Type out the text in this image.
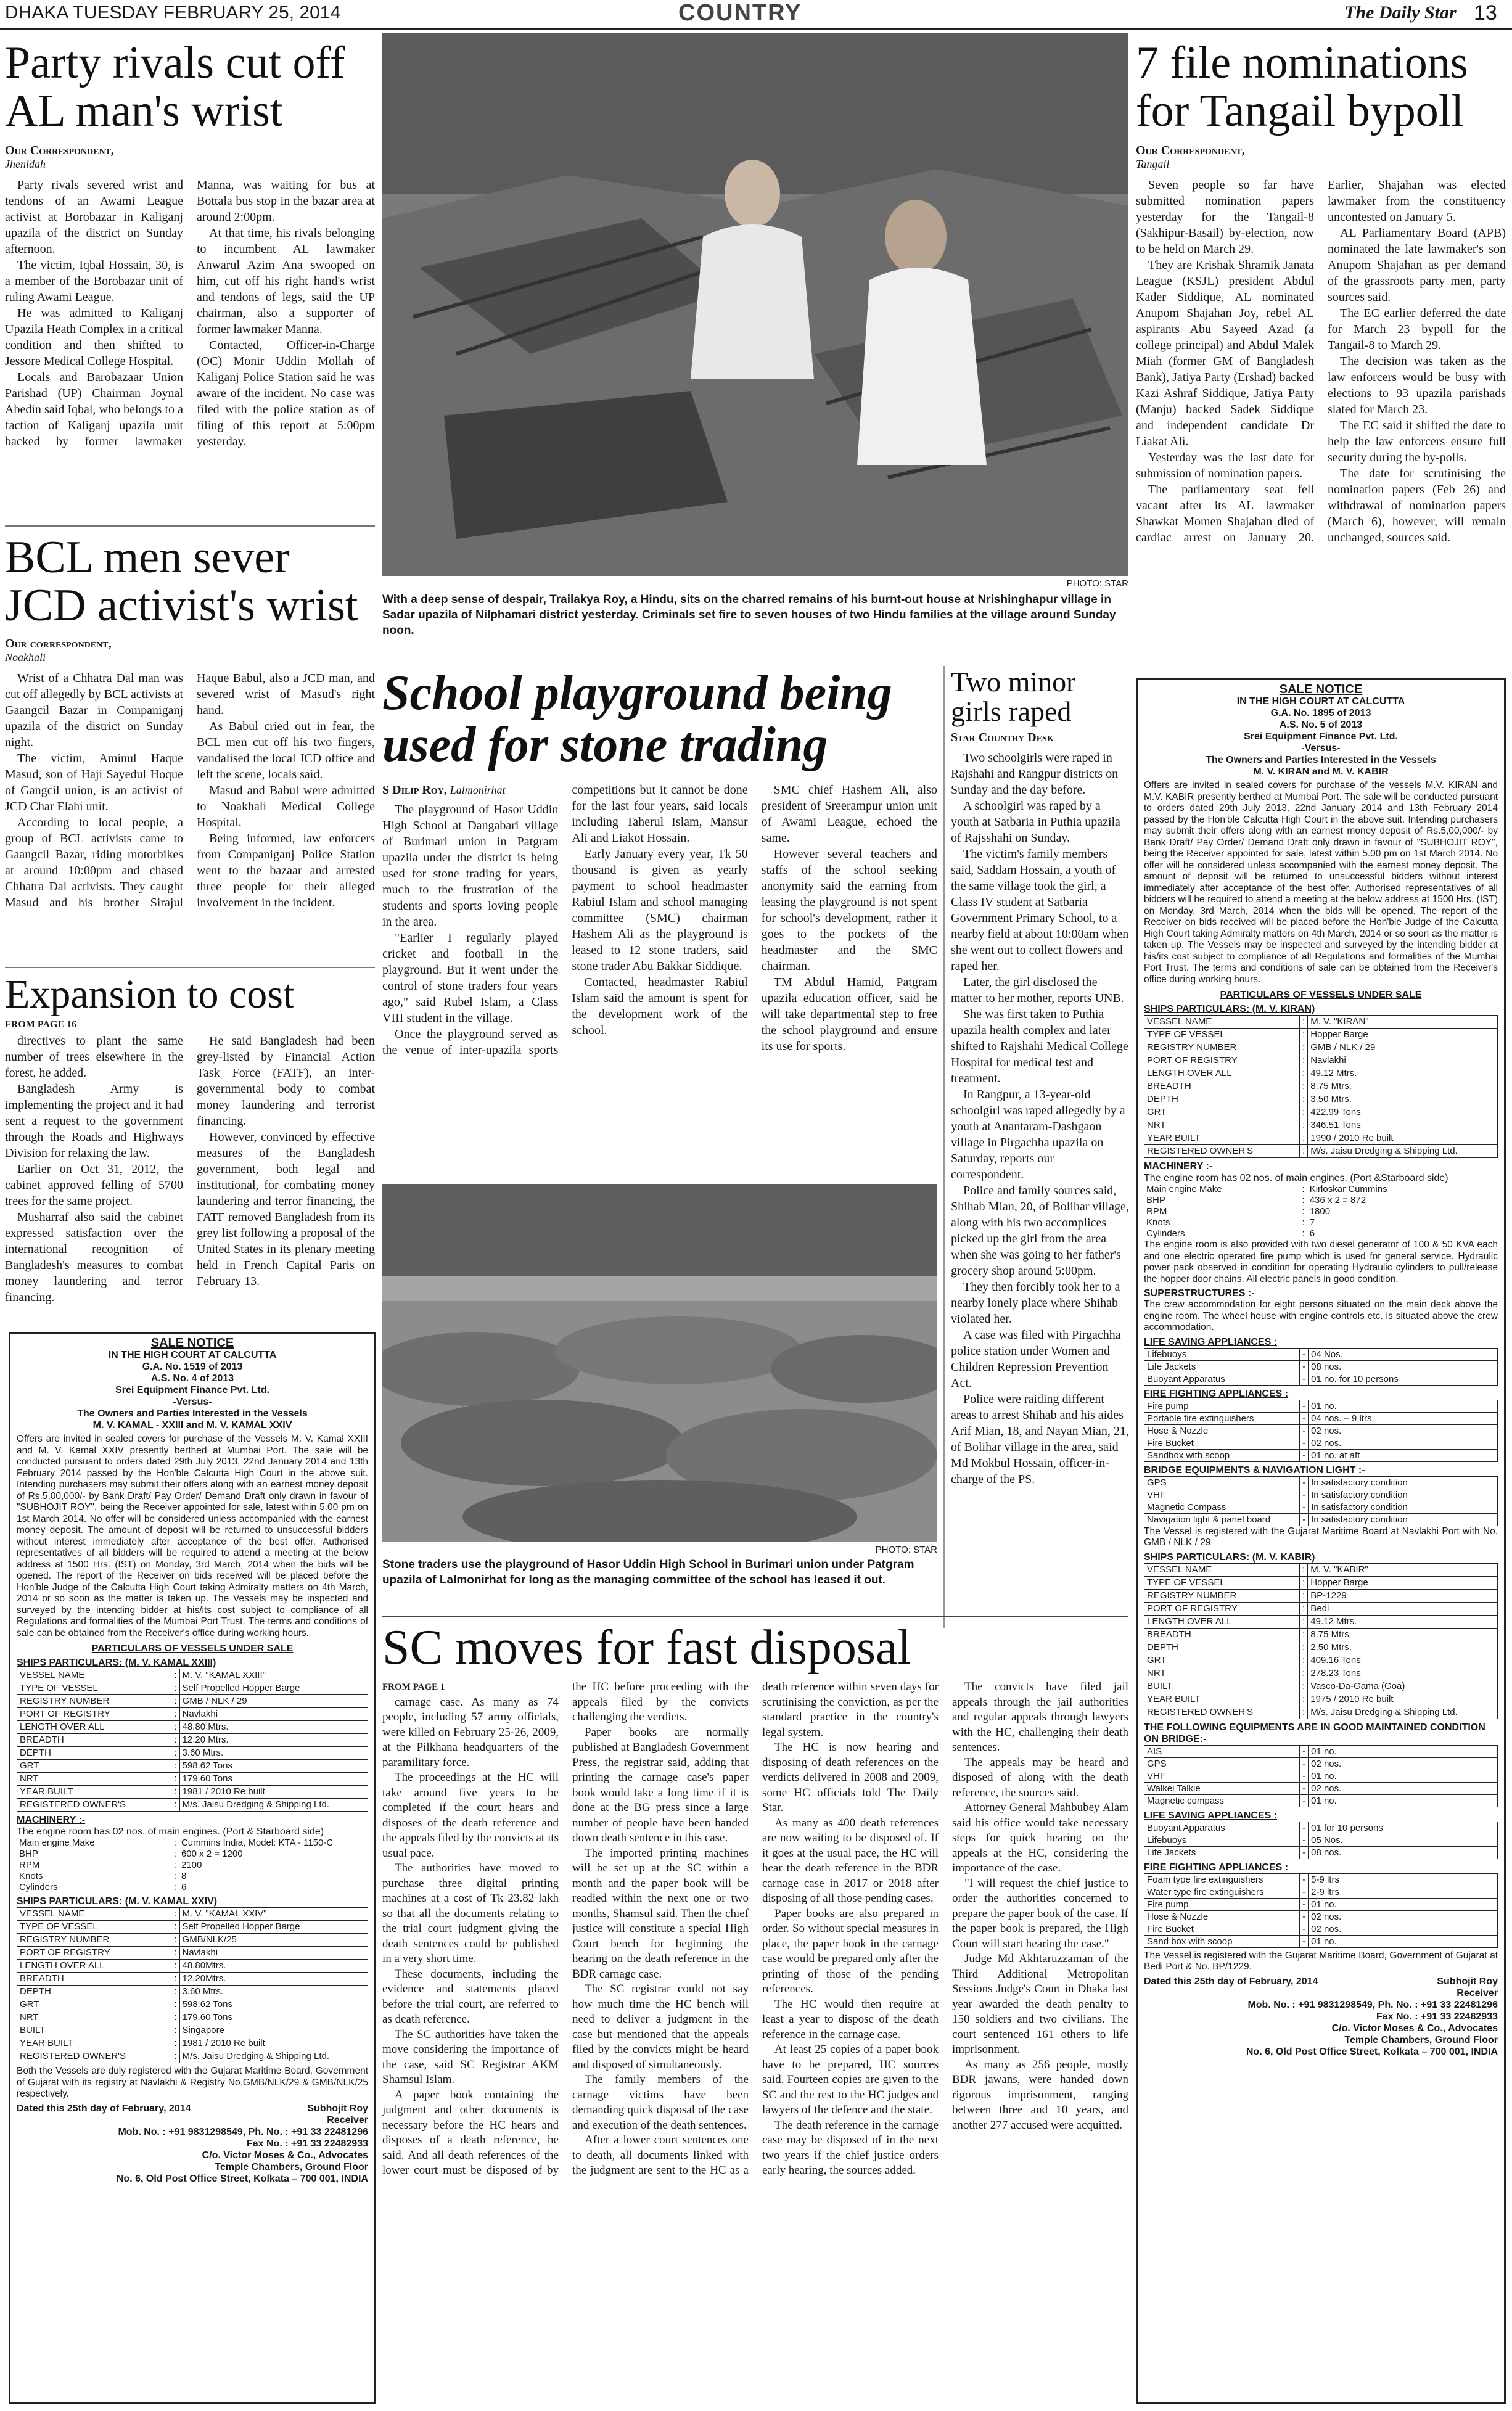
DHAKA TUESDAY FEBRUARY 25, 2014	COUNTRY	The Daily Star 13
Party rivals cut off AL man's wrist
Our Correspondent,
Jhenidah

Party rivals severed wrist and tendons of an Awami League activist at Borobazar in Kaliganj upazila of the district on Sunday afternoon.

The victim, Iqbal Hossain, 30, is a member of the Borobazar unit of ruling Awami League.

He was admitted to Kaliganj Upazila Heath Complex in a critical condition and then shifted to Jessore Medical College Hospital.

Locals and Barobazaar Union Parishad (UP) Chairman Joynal Abedin said Iqbal, who belongs to a faction of Kaliganj upazila unit backed by former lawmaker Manna, was waiting for bus at Bottala bus stop in the bazar area at around 2:00pm.

At that time, his rivals belonging to incumbent AL lawmaker Anwarul Azim Ana swooped on him, cut off his right hand's wrist and tendons of legs, said the UP chairman, also a supporter of former lawmaker Manna.

Contacted, Officer-in-Charge (OC) Monir Uddin Mollah of Kaliganj Police Station said he was aware of the incident. No case was filed with the police station as of filing of this report at 5:00pm yesterday.

BCL men sever JCD activist's wrist
Our correspondent,
Noakhali

Wrist of a Chhatra Dal man was cut off allegedly by BCL activists at Gaangcil Bazar in Companiganj upazila of the district on Sunday night.

The victim, Aminul Haque Masud, son of Haji Sayedul Hoque of Gangcil union, is an activist of JCD Char Elahi unit.

According to local people, a group of BCL activists came to Gaangcil Bazar, riding motorbikes at around 10:00pm and chased Chhatra Dal activists. They caught Masud and his brother Sirajul Haque Babul, also a JCD man, and severed wrist of Masud's right hand.

As Babul cried out in fear, the BCL men cut off his two fingers, vandalised the local JCD office and left the scene, locals said.

Masud and Babul were admitted to Noakhali Medical College Hospital.

Being informed, law enforcers from Companiganj Police Station went to the bazaar and arrested three people for their alleged involvement in the incident.

Expansion to cost
FROM PAGE 16

directives to plant the same number of trees elsewhere in the forest, he added.

Bangladesh Army is implementing the project and it had sent a request to the government through the Roads and Highways Division for relaxing the law.

Earlier on Oct 31, 2012, the cabinet approved felling of 5700 trees for the same project.

Musharraf also said the cabinet expressed satisfaction over the international recognition of Bangladesh's measures to combat money laundering and terror financing.

He said Bangladesh had been grey-listed by Financial Action Task Force (FATF), an inter-governmental body to combat money laundering and terrorist financing.

However, convinced by effective measures of the Bangladesh government, both legal and institutional, for combating money laundering and terror financing, the FATF removed Bangladesh from its grey list following a proposal of the United States in its plenary meeting held in French Capital Paris on February 13.

SALE NOTICE
IN THE HIGH COURT AT CALCUTTA
G.A. No. 1519 of 2013
A.S. No. 4 of 2013
Srei Equipment Finance Pvt. Ltd.
-Versus-
The Owners and Parties Interested in the Vessels
M. V. KAMAL - XXIII and M. V. KAMAL XXIV
Offers are invited in sealed covers for purchase of the Vessels M. V. Kamal XXIII and M. V. Kamal XXIV presently berthed at Mumbai Port. The sale will be conducted pursuant to orders dated 29th July 2013, 22nd January 2014 and 13th February 2014 passed by the Hon'ble Calcutta High Court in the above suit. Intending purchasers may submit their offers along with an earnest money deposit of Rs.5,00,000/- by Bank Draft/ Pay Order/ Demand Draft only drawn in favour of "SUBHOJIT ROY", being the Receiver appointed for sale, latest within 5.00 pm on 1st March 2014. No offer will be considered unless accompanied with the earnest money deposit. The amount of deposit will be returned to unsuccessful bidders without interest immediately after acceptance of the best offer. Authorised representatives of all bidders will be required to attend a meeting at the below address at 1500 Hrs. (IST) on Monday, 3rd March, 2014 when the bids will be opened. The report of the Receiver on bids received will be placed before the Hon'ble Judge of the Calcutta High Court taking Admiralty matters on 4th March, 2014 or so soon as the matter is taken up. The Vessels may be inspected and surveyed by the intending bidder at his/its cost subject to compliance of all Regulations and formalities of the Mumbai Port Trust. The terms and conditions of sale can be obtained from the Receiver's office during working hours.
PARTICULARS OF VESSELS UNDER SALE
SHIPS PARTICULARS: (M. V. KAMAL XXIII)
VESSEL NAME	:	M. V. "KAMAL XXIII"
TYPE OF VESSEL	:	Self Propelled Hopper Barge
REGISTRY NUMBER	:	GMB / NLK / 29
PORT OF REGISTRY	:	Navlakhi
LENGTH OVER ALL	:	48.80 Mtrs.
BREADTH	:	12.20 Mtrs.
DEPTH	:	3.60 Mtrs.
GRT	:	598.62 Tons
NRT	:	179.60 Tons
YEAR BUILT	:	1981 / 2010 Re built
REGISTERED OWNER'S	:	M/s. Jaisu Dredging & Shipping Ltd.
MACHINERY :-
The engine room has 02 nos. of main engines. (Port & Starboard side)
Main engine Make	:	Cummins India, Model: KTA - 1150-C
BHP	:	600 x 2 = 1200
RPM	:	2100
Knots	:	8
Cylinders	:	6
SHIPS PARTICULARS: (M. V. KAMAL XXIV)
VESSEL NAME	:	M. V. "KAMAL XXIV"
TYPE OF VESSEL	:	Self Propelled Hopper Barge
REGISTRY NUMBER	:	GMB/NLK/25
PORT OF REGISTRY	:	Navlakhi
LENGTH OVER ALL	:	48.80Mtrs.
BREADTH	:	12.20Mtrs.
DEPTH	:	3.60 Mtrs.
GRT	:	598.62 Tons
NRT	:	179.60 Tons
BUILT	:	Singapore
YEAR BUILT	:	1981 / 2010 Re built
REGISTERED OWNER'S	:	M/s. Jaisu Dredging & Shipping Ltd.
Both the Vessels are duly registered with the Gujarat Maritime Board, Government of Gujarat with its registry at Navlakhi & Registry No.GMB/NLK/29 & GMB/NLK/25 respectively.
Dated this 25th day of February, 2014	Subhojit Roy
Receiver
Mob. No. : +91 9831298549, Ph. No. : +91 33 22481296
Fax No. : +91 33 22482933
C/o. Victor Moses & Co., Advocates
Temple Chambers, Ground Floor
No. 6, Old Post Office Street, Kolkata – 700 001, INDIA
PHOTO: STAR
With a deep sense of despair, Trailakya Roy, a Hindu, sits on the charred remains of his burnt-out house at Nrishinghapur village in Sadar upazila of Nilphamari district yesterday. Criminals set fire to seven houses of two Hindu families at the village around Sunday noon.
7 file nominations for Tangail bypoll
Our Correspondent,
Tangail

Seven people so far have submitted nomination papers yesterday for the Tangail-8 (Sakhipur-Basail) by-election, now to be held on March 29.

They are Krishak Shramik Janata League (KSJL) president Abdul Kader Siddique, AL nominated Anupom Shajahan Joy, rebel AL aspirants Abu Sayeed Azad (a college principal) and Abdul Malek Miah (former GM of Bangladesh Bank), Jatiya Party (Ershad) backed Kazi Ashraf Siddique, Jatiya Party (Manju) backed Sadek Siddique and independent candidate Dr Liakat Ali.

Yesterday was the last date for submission of nomination papers.

The parliamentary seat fell vacant after its AL lawmaker Shawkat Momen Shajahan died of cardiac arrest on January 20. Earlier, Shajahan was elected lawmaker from the constituency uncontested on January 5.

AL Parliamentary Board (APB) nominated the late lawmaker's son Anupom Shajahan as per demand of the grassroots party men, party sources said.

The EC earlier deferred the date for March 23 bypoll for the Tangail-8 to March 29.

The decision was taken as the law enforcers would be busy with elections to 93 upazila parishads slated for March 23.

The EC said it shifted the date to help the law enforcers ensure full security during the by-polls.

The date for scrutinising the nomination papers (Feb 26) and withdrawal of nomination papers (March 6), however, will remain unchanged, sources said.

School playground being used for stone trading
S Dilip Roy, Lalmonirhat

The playground of Hasor Uddin High School at Dangabari village of Burimari union in Patgram upazila under the district is being used for stone trading for years, much to the frustration of the students and sports loving people in the area.

"Earlier I regularly played cricket and football in the playground. But it went under the control of stone traders four years ago," said Rubel Islam, a Class VIII student in the village.

Once the playground served as the venue of inter-upazila sports competitions but it cannot be done for the last four years, said locals including Taherul Islam, Mansur Ali and Liakot Hossain.

Early January every year, Tk 50 thousand is given as yearly payment to school headmaster Rabiul Islam and school managing committee (SMC) chairman Hashem Ali as the playground is leased to 12 stone traders, said stone trader Abu Bakkar Siddique.

Contacted, headmaster Rabiul Islam said the amount is spent for the development work of the school.

SMC chief Hashem Ali, also president of Sreerampur union unit of Awami League, echoed the same.

However several teachers and staffs of the school seeking anonymity said the earning from leasing the playground is not spent for school's development, rather it goes to the pockets of the headmaster and the SMC chairman.

TM Abdul Hamid, Patgram upazila education officer, said he will take departmental step to free the school playground and ensure its use for sports.

PHOTO: STAR
Stone traders use the playground of Hasor Uddin High School in Burimari union under Patgram upazila of Lalmonirhat for long as the managing committee of the school has leased it out.
Two minor girls raped
Star Country Desk

Two schoolgirls were raped in Rajshahi and Rangpur districts on Sunday and the day before.

A schoolgirl was raped by a youth at Satbaria in Puthia upazila of Rajsshahi on Sunday.

The victim's family members said, Saddam Hossain, a youth of the same village took the girl, a Class IV student at Satbaria Government Primary School, to a nearby field at about 10:00am when she went out to collect flowers and raped her.

Later, the girl disclosed the matter to her mother, reports UNB.

She was first taken to Puthia upazila health complex and later shifted to Rajshahi Medical College Hospital for medical test and treatment.

In Rangpur, a 13-year-old schoolgirl was raped allegedly by a youth at Anantaram-Dashgaon village in Pirgachha upazila on Saturday, reports our correspondent.

Police and family sources said, Shihab Mian, 20, of Bolihar village, along with his two accomplices picked up the girl from the area when she was going to her father's grocery shop around 5:00pm.

They then forcibly took her to a nearby lonely place where Shihab violated her.

A case was filed with Pirgachha police station under Women and Children Repression Prevention Act.

Police were raiding different areas to arrest Shihab and his aides Arif Mian, 18, and Nayan Mian, 21, of Bolihar village in the area, said Md Mokbul Hossain, officer-in-charge of the PS.

SC moves for fast disposal
FROM PAGE 1

carnage case. As many as 74 people, including 57 army officials, were killed on February 25-26, 2009, at the Pilkhana headquarters of the paramilitary force.

The proceedings at the HC will take around five years to be completed if the court hears and disposes of the death reference and the appeals filed by the convicts at its usual pace.

The authorities have moved to purchase three digital printing machines at a cost of Tk 23.82 lakh so that all the documents relating to the trial court judgment giving the death sentences could be published in a very short time.

These documents, including the evidence and statements placed before the trial court, are referred to as death reference.

The SC authorities have taken the move considering the importance of the case, said SC Registrar AKM Shamsul Islam.

A paper book containing the judgment and other documents is necessary before the HC hears and disposes of a death reference, he said. And all death references of the lower court must be disposed of by the HC before proceeding with the appeals filed by the convicts challenging the verdicts.

Paper books are normally published at Bangladesh Government Press, the registrar said, adding that printing the carnage case's paper book would take a long time if it is done at the BG press since a large number of people have been handed down death sentence in this case.

The imported printing machines will be set up at the SC within a month and the paper book will be readied within the next one or two months, Shamsul said. Then the chief justice will constitute a special High Court bench for beginning the hearing on the death reference in the BDR carnage case.

The SC registrar could not say how much time the HC bench will need to deliver a judgment in the case but mentioned that the appeals filed by the convicts might be heard and disposed of simultaneously.

The family members of the carnage victims have been demanding quick disposal of the case and execution of the death sentences.

After a lower court sentences one to death, all documents linked with the judgment are sent to the HC as a death reference within seven days for scrutinising the conviction, as per the standard practice in the country's legal system.

The HC is now hearing and disposing of death references on the verdicts delivered in 2008 and 2009, some HC officials told The Daily Star.

As many as 400 death references are now waiting to be disposed of. If it goes at the usual pace, the HC will hear the death reference in the BDR carnage case in 2017 or 2018 after disposing of all those pending cases.

Paper books are also prepared in order. So without special measures in place, the paper book in the carnage case would be prepared only after the printing of those of the pending references.

The HC would then require at least a year to dispose of the death reference in the carnage case.

At least 25 copies of a paper book have to be prepared, HC sources said. Fourteen copies are given to the SC and the rest to the HC judges and lawyers of the defence and the state.

The death reference in the carnage case may be disposed of in the next two years if the chief justice orders early hearing, the sources added.

The convicts have filed jail appeals through the jail authorities and regular appeals through lawyers with the HC, challenging their death sentences.

The appeals may be heard and disposed of along with the death reference, the sources said.

Attorney General Mahbubey Alam said his office would take necessary steps for quick hearing on the appeals at the HC, considering the importance of the case.

"I will request the chief justice to order the authorities concerned to prepare the paper book of the case. If the paper book is prepared, the High Court will start hearing the case."

Judge Md Akhtaruzzaman of the Third Additional Metropolitan Sessions Judge's Court in Dhaka last year awarded the death penalty to 150 soldiers and two civilians. The court sentenced 161 others to life imprisonment.

As many as 256 people, mostly BDR jawans, were handed down rigorous imprisonment, ranging between three and 10 years, and another 277 accused were acquitted.

SALE NOTICE
IN THE HIGH COURT AT CALCUTTA
G.A. No. 1895 of 2013
A.S. No. 5 of 2013
Srei Equipment Finance Pvt. Ltd.
-Versus-
The Owners and Parties Interested in the Vessels
M. V. KIRAN and M. V. KABIR
Offers are invited in sealed covers for purchase of the vessels M.V. KIRAN and M.V. KABIR presently berthed at Mumbai Port. The sale will be conducted pursuant to orders dated 29th July 2013, 22nd January 2014 and 13th February 2014 passed by the Hon'ble Calcutta High Court in the above suit. Intending purchasers may submit their offers along with an earnest money deposit of Rs.5,00,000/- by Bank Draft/ Pay Order/ Demand Draft only drawn in favour of "SUBHOJIT ROY", being the Receiver appointed for sale, latest within 5.00 pm on 1st March 2014. No offer will be considered unless accompanied with the earnest money deposit. The amount of deposit will be returned to unsuccessful bidders without interest immediately after acceptance of the best offer. Authorised representatives of all bidders will be required to attend a meeting at the below address at 1500 Hrs. (IST) on Monday, 3rd March, 2014 when the bids will be opened. The report of the Receiver on bids received will be placed before the Hon'ble Judge of the Calcutta High Court taking Admiralty matters on 4th March, 2014 or so soon as the matter is taken up. The Vessels may be inspected and surveyed by the intending bidder at his/its cost subject to compliance of all Regulations and formalities of the Mumbai Port Trust. The terms and conditions of sale can be obtained from the Receiver's office during working hours.
PARTICULARS OF VESSELS UNDER SALE
SHIPS PARTICULARS: (M. V. KIRAN)
VESSEL NAME	:	M. V. "KIRAN"
TYPE OF VESSEL	:	Hopper Barge
REGISTRY NUMBER	:	GMB / NLK / 29
PORT OF REGISTRY	:	Navlakhi
LENGTH OVER ALL	:	49.12 Mtrs.
BREADTH	:	8.75 Mtrs.
DEPTH	:	3.50 Mtrs.
GRT	:	422.99 Tons
NRT	:	346.51 Tons
YEAR BUILT	:	1990 / 2010 Re built
REGISTERED OWNER'S	:	M/s. Jaisu Dredging & Shipping Ltd.
MACHINERY :-
The engine room has 02 nos. of main engines. (Port &Starboard side)
Main engine Make	:	Kirloskar Cummins
BHP	:	436 x 2 = 872
RPM	:	1800
Knots	:	7
Cylinders	:	6
The engine room is also provided with two diesel generator of 100 & 50 KVA each and one electric operated fire pump which is used for general service. Hydraulic power pack observed in condition for operating Hydraulic cylinders to pull/release the hopper door chains. All electric panels in good condition.
SUPERSTRUCTURES :-
The crew accommodation for eight persons situated on the main deck above the engine room. The wheel house with engine controls etc. is situated above the crew accommodation.
LIFE SAVING APPLIANCES :
Lifebuoys	-	04 Nos.
Life Jackets	-	08 nos.
Buoyant Apparatus	-	01 no. for 10 persons
FIRE FIGHTING APPLIANCES :
Fire pump	-	01 no.
Portable fire extinguishers	-	04 nos. – 9 ltrs.
Hose & Nozzle	-	02 nos.
Fire Bucket	-	02 nos.
Sandbox with scoop	-	01 no. at aft
BRIDGE EQUIPMENTS & NAVIGATION LIGHT :-
GPS	-	In satisfactory condition
VHF	-	In satisfactory condition
Magnetic Compass	-	In satisfactory condition
Navigation light & panel board	-	In satisfactory condition
The Vessel is registered with the Gujarat Maritime Board at Navlakhi Port with No. GMB / NLK / 29
SHIPS PARTICULARS: (M. V. KABIR)
VESSEL NAME	:	M. V. "KABIR"
TYPE OF VESSEL	:	Hopper Barge
REGISTRY NUMBER	:	BP-1229
PORT OF REGISTRY	:	Bedi
LENGTH OVER ALL	:	49.12 Mtrs.
BREADTH	:	8.75 Mtrs.
DEPTH	:	2.50 Mtrs.
GRT	:	409.16 Tons
NRT	:	278.23 Tons
BUILT	:	Vasco-Da-Gama (Goa)
YEAR BUILT	:	1975 / 2010 Re built
REGISTERED OWNER'S	:	M/s. Jaisu Dredging & Shipping Ltd.
THE FOLLOWING EQUIPMENTS ARE IN GOOD MAINTAINED CONDITION ON BRIDGE:-
AIS	-	01 no.
GPS	-	02 nos.
VHF	-	01 no.
Walkei Talkie	-	02 nos.
Magnetic compass	-	01 no.
LIFE SAVING APPLIANCES :
Buoyant Apparatus	-	01 for 10 persons
Lifebuoys	-	05 Nos.
Life Jackets	-	08 nos.
FIRE FIGHTING APPLIANCES :
Foam type fire extinguishers	-	5-9 ltrs
Water type fire extinguishers	-	2-9 ltrs
Fire pump	-	01 no.
Hose & Nozzle	-	02 nos.
Fire Bucket	-	02 nos.
Sand box with scoop	-	01 no.
The Vessel is registered with the Gujarat Maritime Board, Government of Gujarat at Bedi Port & No. BP/1229.
Dated this 25th day of February, 2014	Subhojit Roy
Receiver
Mob. No. : +91 9831298549, Ph. No. : +91 33 22481296
Fax No. : +91 33 22482933
C/o. Victor Moses & Co., Advocates
Temple Chambers, Ground Floor
No. 6, Old Post Office Street, Kolkata – 700 001, INDIA
